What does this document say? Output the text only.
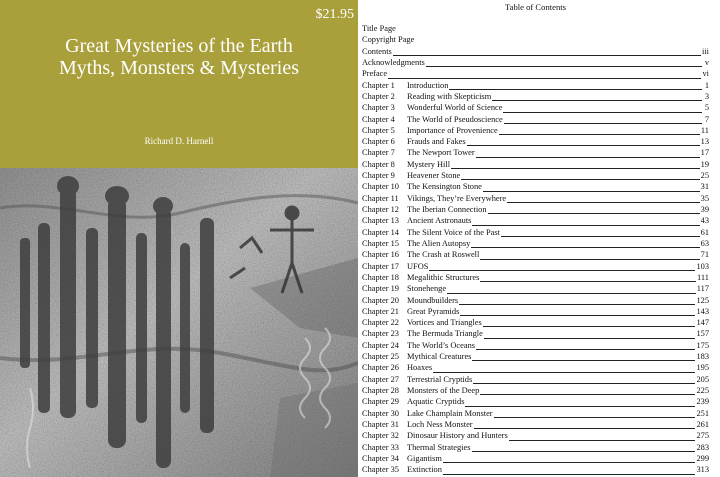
$21.95
Great Mysteries of the Earth
Myths, Monsters & Mysteries
Richard D. Harnell
Table of Contents
Title Page
Copyright Page
Contents	iii
Acknowledgments	v
Preface	vi
Chapter 1	Introduction	1
Chapter 2	Reading with Skepticism	3
Chapter 3	Wonderful World of Science	5
Chapter 4	The World of Pseudoscience	7
Chapter 5	Importance of Provenience	11
Chapter 6	Frauds and Fakes	13
Chapter 7	The Newport Tower	17
Chapter 8	Mystery Hill	19
Chapter 9	Heavener Stone	25
Chapter 10 The Kensington Stone	31
Chapter 11 Vikings, They’re Everywhere	35
Chapter 12 The Iberian Connection	39
Chapter 13 Ancient Astronauts	43
Chapter 14 The Silent Voice of the Past	61
Chapter 15 The Alien Autopsy	63
Chapter 16 The Crash at Roswell	71
Chapter 17 UFOS	103
Chapter 18 Megalithic Structures	111
Chapter 19 Stonehenge	117
Chapter 20 Moundbuilders	125
Chapter 21 Great Pyramids	143
Chapter 22 Vortices and Triangles	147
Chapter 23 The Bermuda Triangle	157
Chapter 24 The World’s Oceans	175
Chapter 25 Mythical Creatures	183
Chapter 26 Hoaxes	195
Chapter 27 Terrestrial Cryptids	205
Chapter 28 Monsters of the Deep	225
Chapter 29 Aquatic Cryptids	239
Chapter 30 Lake Champlain Monster	251
Chapter 31 Loch Ness Monster	261
Chapter 32 Dinosaur History and Hunters	275
Chapter 33 Thermal Strategies	283
Chapter 34 Gigantism	299
Chapter 35 Extinction	313
